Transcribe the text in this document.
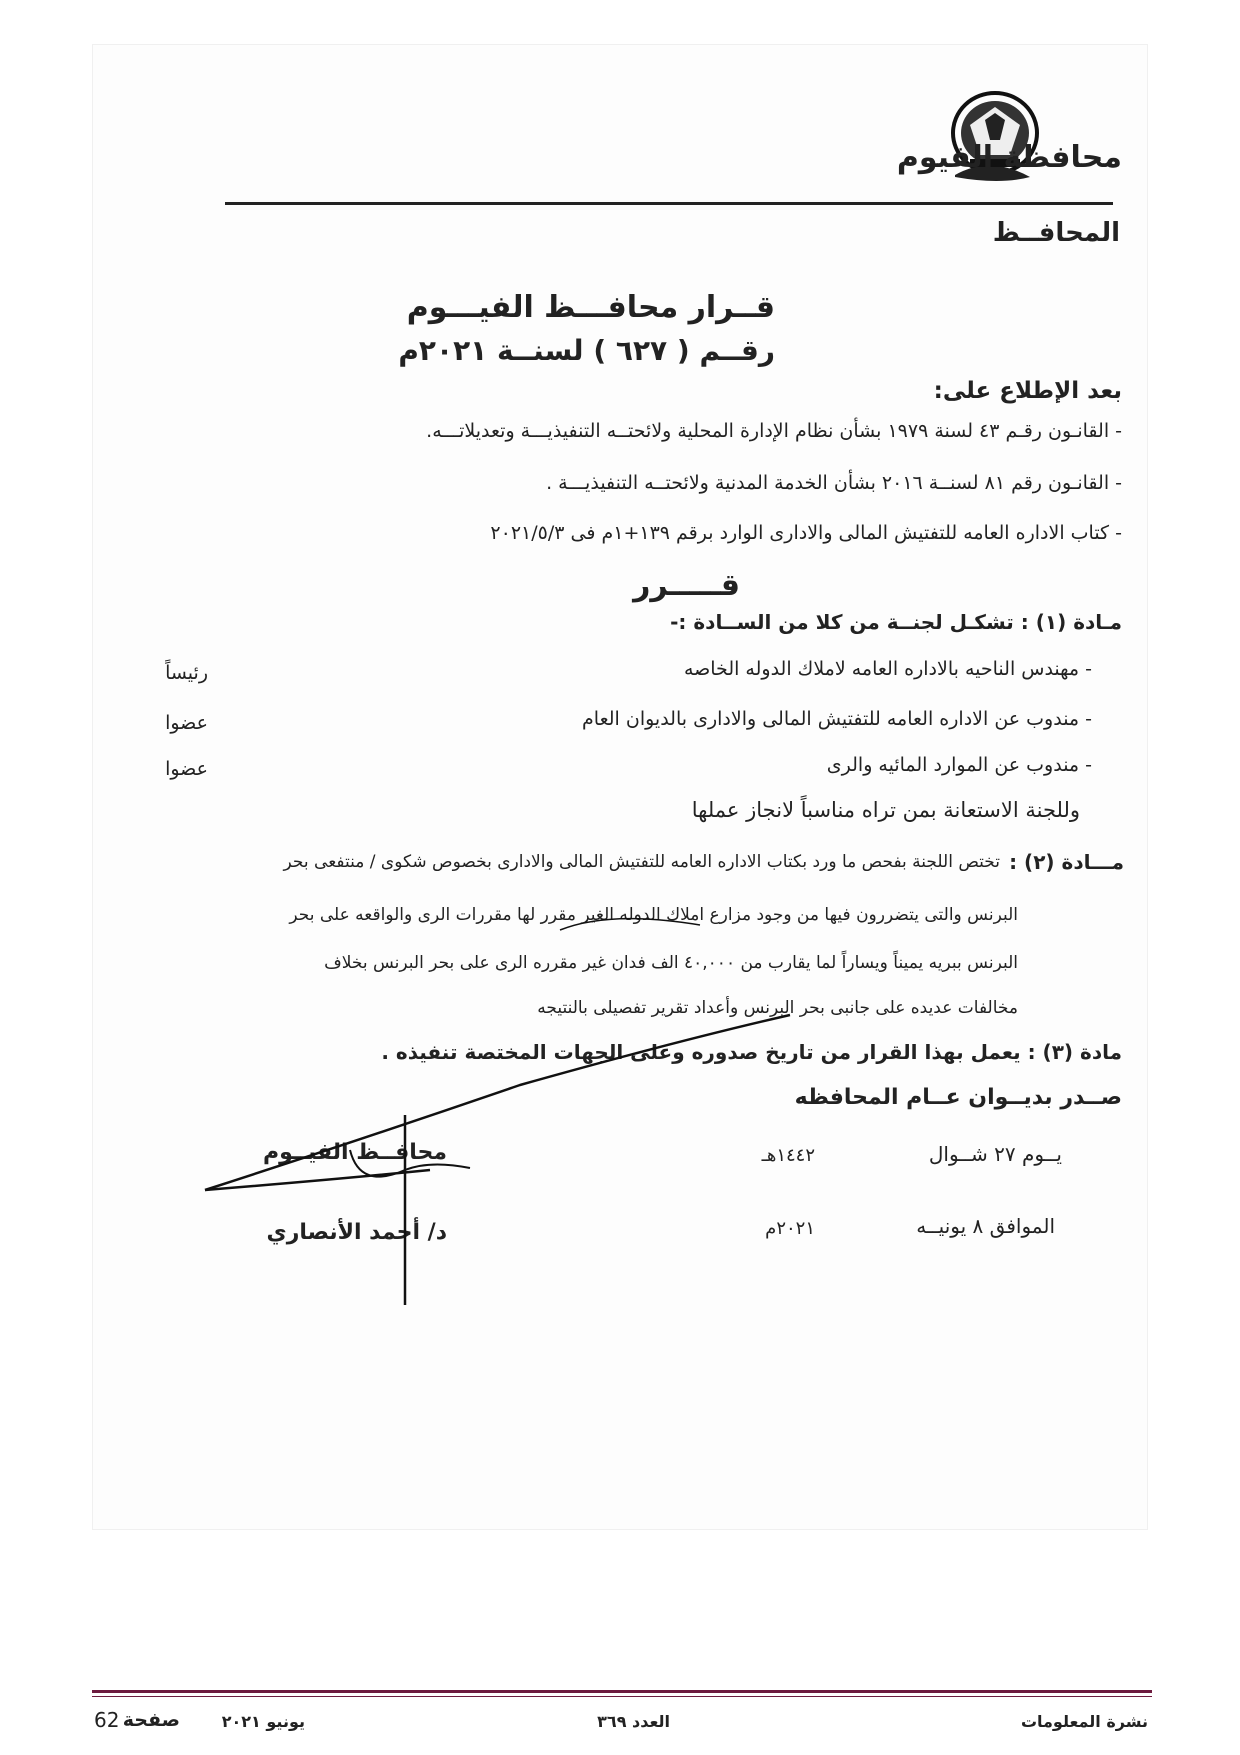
محافظة الفيوم
المحافــظ
قــرار محافـــظ الفيـــوم
رقــم ( ٦٢٧ ) لسنــة ٢٠٢١م
بعد الإطلاع على:
- القانـون رقـم ٤٣ لسنة ١٩٧٩ بشأن نظام الإدارة المحلية ولائحتــه التنفيذيـــة وتعديلاتـــه.
- القانـون رقم ٨١ لسنــة ٢٠١٦ بشأن الخدمة المدنية ولائحتــه التنفيذيـــة .
- كتاب الاداره العامه للتفتيش المالى والادارى الوارد برقم ١٣٩+١م فى ٢٠٢١/٥/٣
قـــــرر
مـادة (١) : تشكـل لجنــة من كلا من الســادة :-
- مهندس الناحيه بالاداره العامه لاملاك الدوله الخاصه
رئيساً
- مندوب عن الاداره العامه للتفتيش المالى والادارى بالديوان العام
عضوا
- مندوب عن الموارد المائيه والرى
عضوا
وللجنة الاستعانة بمن تراه مناسباً لانجاز عملها
مـــادة (٢) :
تختص اللجنة بفحص ما ورد بكتاب الاداره العامه للتفتيش المالى والادارى بخصوص شكوى / منتفعى بحر
البرنس والتى يتضررون فيها من وجود مزارع املاك الدوله الغير مقرر لها مقررات الرى والواقعه على بحر
البرنس ببريه يميناً ويساراً لما يقارب من ٤٠,٠٠٠ الف فدان غير مقرره الرى على بحر البرنس بخلاف
مخالفات عديده على جانبى بحر البرنس وأعداد تقرير تفصيلى بالنتيجه
مادة (٣) : يعمل بهذا القرار من تاريخ صدوره وعلى الجهات المختصة تنفيذه .
صــدر بديــوان عــام المحافظه
يــوم ٢٧ شــوال
١٤٤٢هـ
الموافق ٨ يونيــه
٢٠٢١م
محافــظ الفيــوم
د/ أحمد الأنصاري
نشرة المعلومات
العدد ٣٦٩
يونيو ٢٠٢١
صفحة
62
